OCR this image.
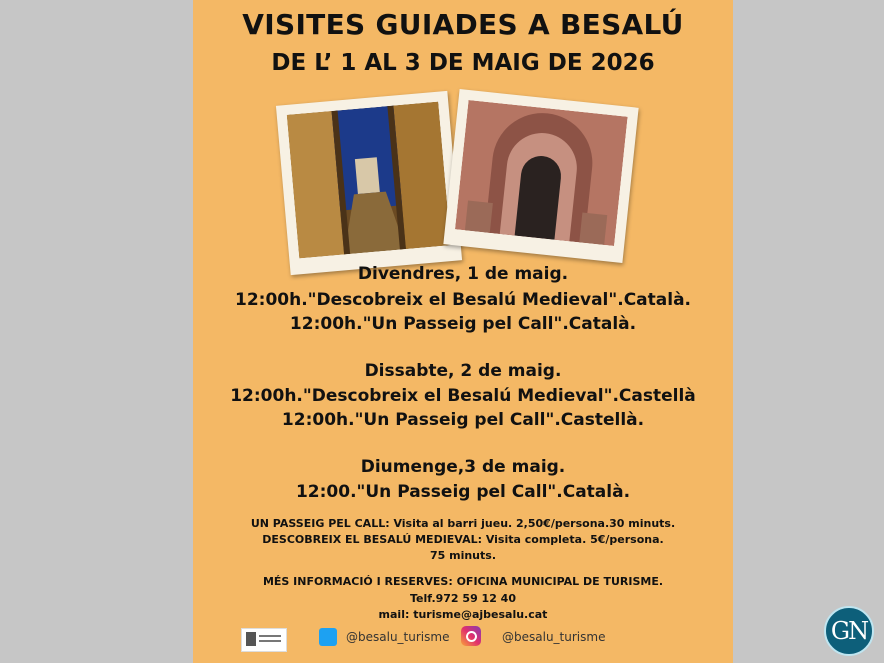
VISITES GUIADES A BESALÚ
DE L’ 1 AL 3 DE MAIG DE 2026
Divendres, 1 de maig.
12:00h."Descobreix el Besalú Medieval".Català.
12:00h."Un Passeig pel Call".Català.
Dissabte, 2 de maig.
12:00h."Descobreix el Besalú Medieval".Castellà
12:00h."Un Passeig pel Call".Castellà.
Diumenge,3 de maig.
12:00."Un Passeig pel Call".Català.
UN PASSEIG PEL CALL: Visita al barri jueu. 2,50€/persona.30 minuts.
DESCOBREIX EL BESALÚ MEDIEVAL: Visita completa. 5€/persona.
75 minuts.
MÉS INFORMACIÓ I RESERVES: OFICINA MUNICIPAL DE TURISME.
Telf.972 59 12 40
mail: turisme@ajbesalu.cat
@besalu_turisme	@besalu_turisme	GN
